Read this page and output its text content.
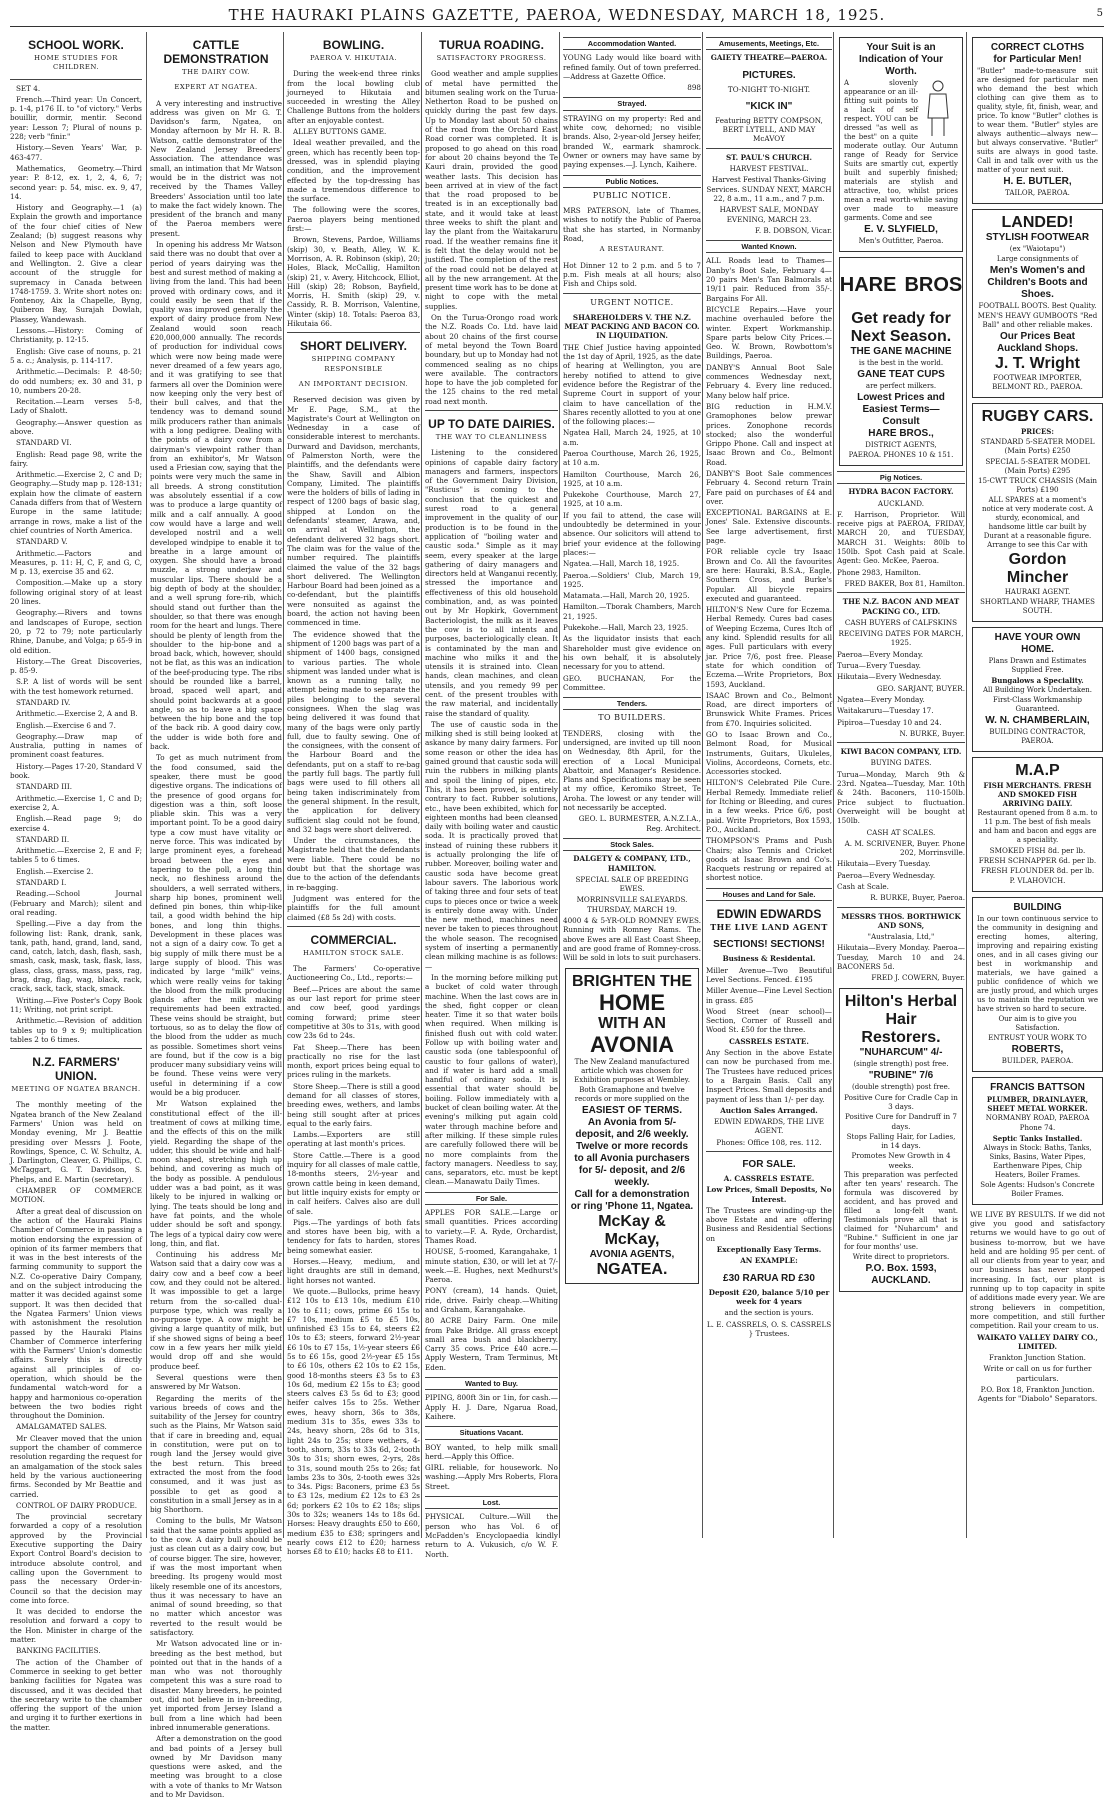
THE HAURAKI PLAINS GAZETTE, PAEROA, WEDNESDAY, MARCH 18, 1925.	5
SCHOOL WORK.
HOME STUDIES FOR CHILDREN.

SET 4.

French.—Third year: Un Concert, p. 1-4, p176 II. to "of victory." Verbs bouillir, dormir, mentir. Second year: Lesson 7; Plural of nouns p. 228; verb "finir."

History.—Seven Years' War, p. 463-477.

Mathematics, Geometry.—Third year: P. 8-12, ex. 1, 2, 4, 6, 7; second year: p. 54, misc. ex. 9, 47, 14.

History and Geography.—1 (a) Explain the growth and importance of the four chief cities of New Zealand; (b) suggest reasons why Nelson and New Plymouth have failed to keep pace with Auckland and Wellington. 2. Give a clear account of the struggle for supremacy in Canada between 1748-1759. 3. Write short notes on: Fontenoy, Aix la Chapelle, Byng, Quiberon Bay, Surajah Dowlah, Plassey, Wandewash.

Lessons.—History: Coming of Christianity, p. 12-15.

English: Give case of nouns, p. 21 5 a. c.; Analysis, p. 114-117.

Arithmetic.—Decimals: P. 48-50; do odd numbers; ex. 30 and 31, p 10, numbers 20-28.

Recitation.—Learn verses 5-8, Lady of Shalott.

Geography.—Answer question as above.

STANDARD VI.

English: Read page 98, write the fairy.

Arithmetic.—Exercise 2, C and D; Geography.—Study map p. 128-131; explain how the climate of eastern Canada differs from that of Western Europe in the same latitude; arrange in rows, make a list of the chief countries of North America.

STANDARD V.

Arithmetic.—Factors and Measures, p. 11: H, C, F, and G, C, M p. 13, exercise 35 and 62.

Composition.—Make up a story following original story of at least 20 lines.

Geography.—Rivers and towns and landscapes of Europe, section 20, p 72 to 79; note particularly Rhine, Danube, and Volga; p 65-9 in old edition.

History.—The Great Discoveries, p. 85-9.

S.P. A list of words will be sent with the test homework returned.

STANDARD IV.

Arithmetic.—Exercise 2, A and B.

English.—Exercise 6 and 7.

Geography.—Draw map of Australia, putting in names of prominent coast features.

History.—Pages 17-20, Standard V book.

STANDARD III.

Arithmetic.—Exercise 1, C and D; exercise 2, A.

English.—Read page 9; do exercise 4.

STANDARD II.

Arithmetic.—Exercise 2, E and F; tables 5 to 6 times.

English.—Exercise 2.

STANDARD I.

Reading.—School Journal (February and March); silent and oral reading.

Spelling.—Five a day from the following list: Rank, drank, sank, tank, path, hand, grand, land, sand, cand, catch, latch, dash, flash, sash, smash, cask, mask, task, flask, lass, glass, class, grass, mass, pass, rag, brag, drag, flag, wag, black, rack, crack, sack, tack, stack, smack.

Writing.—Five Poster's Copy Book 11; Writing, not print script.

Arithmetic.—Revision of addition tables up to 9 x 9; multiplication tables 2 to 6 times.

N.Z. FARMERS' UNION.
MEETING OF NGATEA BRANCH.

The monthly meeting of the Ngatea branch of the New Zealand Farmers' Union was held on Monday evening, Mr J. Beattie presiding over Messrs J. Foote, Rowlings, Spence, C. W. Schultz, A. J. Darlington, Cleaver, G. Phillips, C. McTaggart, G. T. Davidson, S. Phelps, and E. Martin (secretary).

CHAMBER OF COMMERCE MOTION.

After a great deal of discussion on the action of the Hauraki Plains Chamber of Commerce in passing a motion endorsing the expression of opinion of its farmer members that it was in the best interests of the farming community to support the N.Z. Co-operative Dairy Company, and on the subject introducing the matter it was decided against some support. It was then decided that the Ngatea Farmers' Union views with astonishment the resolution passed by the Hauraki Plains Chamber of Commerce interfering with the Farmers' Union's domestic affairs. Surely this is directly against all principles of co-operation, which should be the fundamental watch-word for a happy and harmonious co-operation between the two bodies right throughout the Dominion.

AMALGAMATED SALES.

Mr Cleaver moved that the union support the chamber of commerce resolution regarding the request for an amalgamation of the stock sales held by the various auctioneering firms. Seconded by Mr Beattie and carried.

CONTROL OF DAIRY PRODUCE.

The provincial secretary forwarded a copy of a resolution approved by the Provincial Executive supporting the Dairy Export Control Board's decision to introduce absolute control, and calling upon the Government to pass the necessary Order-in-Council so that the decision may come into force.

It was decided to endorse the resolution and forward a copy to the Hon. Minister in charge of the matter.

BANKING FACILITIES.

The action of the Chamber of Commerce in seeking to get better banking facilities for Ngatea was discussed, and it was decided that the secretary write to the chamber offering the support of the union and urging it to further exertions in the matter.

CATTLE DEMONSTRATION
THE DAIRY COW.
EXPERT AT NGATEA.

A very interesting and instructive address was given on Mr G. T. Davidson's farm, Ngatea, on Monday afternoon by Mr H. R. B. Watson, cattle demonstrator of the New Zealand Jersey Breeders' Association. The attendance was small, an intimation that Mr Watson would be in the district was not received by the Thames Valley Breeders' Association until too late to make the fact widely known. The president of the branch and many of the Paeroa members were present.

In opening his address Mr Watson said there was no doubt that over a period of years dairying was the best and surest method of making a living from the land. This had been proved with ordinary cows, and it could easily be seen that if the quality was improved generally the export of dairy produce from New Zealand would soon reach £20,000,000 annually. The records of production for individual cows which were now being made were never dreamed of a few years ago, and it was gratifying to see that farmers all over the Dominion were now keeping only the very best of their bull calves, and that the tendency was to demand sound milk producers rather than animals with a long pedigree. Dealing with the points of a dairy cow from a dairyman's viewpoint rather than from an exhibitor's, Mr Watson used a Friesian cow, saying that the points were very much the same in all breeds. A strong constitution was absolutely essential if a cow was to produce a large quantity of milk and a calf annually. A good cow would have a large and well developed nostril and a well developed windpipe to enable it to breathe in a large amount of oxygen. She should have a broad muzzle, a strong underjaw and muscular lips. There should be a big depth of body at the shoulder, and a well sprung fore-rib, which should stand out further than the shoulder, so that there was enough room for the heart and lungs. There should be plenty of length from the shoulder to the hip-bone and a broad back, which, however, should not be flat, as this was an indication of the beef-producing type. The ribs should be rounded like a barrel, broad, spaced well apart, and should point backwards at a good angle, so as to leave a big space between the hip bone and the top of the back rib. A good dairy cow, the udder is wide both fore and back.

To get as much nutriment from the food consumed, said the speaker, there must be good digestive organs. The indications of the presence of good organs for digestion was a thin, soft loose pliable skin. This was a very important point. To be a good dairy type a cow must have vitality or nerve force. This was indicated by large prominent eyes, a forehead broad between the eyes and tapering to the poll, a long thin neck, no fleshiness around the shoulders, a well serrated withers, sharp hip bones, prominent well defined pin bones, thin whip-like tail, a good width behind the hip bones, and long thin thighs. Development in these places was not a sign of a dairy cow. To get a big supply of milk there must be a large supply of blood. This was indicated by large "milk" veins, which were really veins for taking the blood from the milk producing glands after the milk making requirements had been extracted. These veins should be straight, but tortuous, so as to delay the flow of the blood from the udder as much as possible. Sometimes short veins are found, but if the cow is a big producer many subsidiary veins will be found. These veins were very useful in determining if a cow would be a big producer.

Mr Watson explained the constitutional effect of the ill-treatment of cows at milking time, and the effects of this on the milk yield. Regarding the shape of the udder, this should be wide and half-moon shaped, stretching high up behind, and covering as much of the body as possible. A pendulous udder was a bad point, as it was likely to be injured in walking or lying. The teats should be long and have fat points, and the whole udder should be soft and spongy. The legs of a typical dairy cow were long, thin, and flat.

Continuing his address Mr Watson said that a dairy cow was a dairy cow and a beef cow a beef cow, and they could not be altered. It was impossible to get a large return from the so-called dual-purpose type, which was really a no-purpose type. A cow might be giving a large quantity of milk, but if she showed signs of being a beef cow in a few years her milk yield would drop off and she would produce beef.

Several questions were then answered by Mr Watson.

Regarding the merits of the various breeds of cows and the suitability of the Jersey for country such as the Plains, Mr Watson said that if care in breeding and, equal in constitution, were put on to rough land the Jersey would give the best return. This breed extracted the most from the food consumed, and it was just as possible to get as good a constitution in a small Jersey as in a big Shorthorn.

Coming to the bulls, Mr Watson said that the same points applied as to the cow. A dairy bull should be just as clean cut as a dairy cow, but of course bigger. The sire, however, if was the most important when breeding. Its progeny would most likely resemble one of its ancestors, thus it was necessary to have an animal of sound breeding, so that no matter which ancestor was reverted to the result would be satisfactory.

Mr Watson advocated line or in-breeding as the best method, but pointed out that in the hands of a man who was not thoroughly competent this was a sure road to disaster. Many breeders, he pointed out, did not believe in in-breeding, yet imported from Jersey Island a bull from a line which had been inbred innumerable generations.

After a demonstration on the good and bad points of a Jersey bull owned by Mr Davidson many questions were asked, and the meeting was brought to a close with a vote of thanks to Mr Watson and to Mr Davidson.

BOWLING.
PAEROA V. HIKUTAIA.

During the week-end three rinks from the local bowling club journeyed to Hikutaia and succeeded in wresting the Alley Challenge Buttons from the holders after an enjoyable contest.

ALLEY BUTTONS GAME.

Ideal weather prevailed, and the green, which has recently been top-dressed, was in splendid playing condition, and the improvement effected by the top-dressing has made a tremendous difference to the surface.

The following were the scores, Paeroa players being mentioned first:—

Brown, Stevens, Pardoe, Williams (skip) 30, v. Beath, Alley, W. K. Morrison, A. R. Robinson (skip), 20; Holes, Black, McCallig, Hamilton (skip) 21, v. Avery, Hitchcock, Elliot, Hill (skip) 28; Robson, Bayfield, Morris, H. Smith (skip) 29, v. Cassidy, R. B. Morrison, Valentine, Winter (skip) 18. Totals: Paeroa 83, Hikutaia 66.

SHORT DELIVERY.
SHIPPING COMPANY RESPONSIBLE
AN IMPORTANT DECISION.

Reserved decision was given by Mr E. Page, S.M., at the Magistrate's Court at Wellington on Wednesday in a case of considerable interest to merchants. Durward and Davidson, merchants, of Palmerston North, were the plaintiffs, and the defendants were the Shaw, Savill and Albion Company, Limited. The plaintiffs were the holders of bills of lading in respect of 1200 bags of basic slag, shipped at London on the defendants' steamer, Arawa, and, on arrival at Wellington, the defendant delivered 32 bags short. The claim was for the value of the number required. The plaintiffs claimed the value of the 32 bags short delivered. The Wellington Harbour Board had been joined as a co-defendant, but the plaintiffs were nonsuited as against the board, the action not having been commenced in time.

The evidence showed that the shipment of 1200 bags was part of a shipment of 1400 bags, consigned to various parties. The whole shipment was landed under what is known as a running tally, no attempt being made to separate the piles belonging to the several consignees. When the slag was being delivered it was found that many of the bags were only partly full, due to faulty sewing. One of the consignees, with the consent of the Harbour Board and the defendants, put on a staff to re-bag the partly full bags. The partly full bags were used to fill others all being taken indiscriminately from the general shipment. In the result, the application for delivery sufficient slag could not be found, and 32 bags were short delivered.

Under the circumstances, the Magistrate held that the defendants were liable. There could be no doubt but that the shortage was due to the action of the defendants in re-bagging.

Judgment was entered for the plaintiffs for the full amount claimed (£8 5s 2d) with costs.

COMMERCIAL.
HAMILTON STOCK SALE.

The Farmers' Co-operative Auctioneering Co., Ltd., reports:—

Beef.—Prices are about the same as our last report for prime steer and cow beef, good yardings coming forward; prime steer competitive at 30s to 31s, with good cow 23s 6d to 24s.

Fat Sheep.—There has been practically no rise for the last month, export prices being equal to prices ruling in the markets.

Store Sheep.—There is still a good demand for all classes of stores, breeding ewes, wethers, and lambs being still sought after at prices equal to the early fairs.

Lambs.—Exporters are still operating at last month's prices.

Store Cattle.—There is a good inquiry for all classes of male cattle, 18-months steers, 2½-year and grown cattle being in keen demand, but little inquiry exists for empty or in calf heifers. Calves also are dull of sale.

Pigs.—The yardings of both fats and stores have been big, with a tendency for fats to harden, stores being somewhat easier.

Horses.—Heavy, medium, and light draughts are still in demand, light horses not wanted.

We quote.—Bullocks, prime heavy £12 10s to £13 10s, medium £10 10s to £11; cows, prime £6 15s to £7 10s, medium £5 to £5 10s, unfinished £3 15s to £4, steers £2 10s to £3; steers, forward 2½-year £6 10s to £7 15s, 1½-year steers £6 5s to £6 15s, good 2½-year £5 15s to £6 10s, others £2 10s to £2 15s, good 18-months steers £3 5s to £3 10s 6d, medium £2 15s to £3; good steers calves £3 5s 6d to £3; good heifer calves 15s to 25s. Wether ewes, heavy shorn, 36s to 38s, medium 31s to 35s, ewes 33s to 24s, heavy shorn, 28s 6d to 31s, light 24s to 25s; store wethers, 4-tooth, shorn, 33s to 33s 6d, 2-tooth 30s to 31s; shorn ewes, 2-yrs, 28s to 31s, sound mouth 25s to 26s; fat lambs 23s to 30s, 2-tooth ewes 32s to 34s. Pigs: Baconers, prime £3 5s to £3 12s, medium £2 12s to £3 2s 6d; porkers £2 10s to £2 18s; slips 30s to 32s; weaners 14s to 18s 6d. Horses: Heavy draughts £50 to £60, medium £35 to £38; springers and nearly cows £12 to £20; harness horses £8 to £10; hacks £8 to £11.

TURUA ROADING.
SATISFACTORY PROGRESS.

Good weather and ample supplies of metal have permitted the bitumen sealing work on the Turua-Netherton Road to be pushed on quickly during the past few days. Up to Monday last about 50 chains of the road from the Orchard East Road corner was completed. It is proposed to go ahead on this road for about 20 chains beyond the Te Kauri drain, provided the good weather lasts. This decision has been arrived at in view of the fact that the road proposed to be treated is in an exceptionally bad state, and it would take at least three weeks to shift the plant and lay the plant from the Waitakaruru road. If the weather remains fine it is felt that the delay would not be justified. The completion of the rest of the road could not be delayed at all by the new arrangement. At the present time work has to be done at night to cope with the metal supplies.

On the Turua-Orongo road work the N.Z. Roads Co. Ltd. have laid about 20 chains of the first course of metal beyond the Town Board boundary, but up to Monday had not commenced sealing as no chips were available. The contractors hope to have the job completed for the 125 chains to the red metal road next month.

UP TO DATE DAIRIES.
THE WAY TO CLEANLINESS

Listening to the considered opinions of capable dairy factory managers and farmers, inspectors of the Government Dairy Division, "Rusticus" is coming to the conclusion that the quickest and surest road to a general improvement in the quality of our production is to be found in the application of "boiling water and caustic soda." Simple as it may seem, every speaker at the large gathering of dairy managers and directors held at Wanganui recently, stressed the importance and effectiveness of this old household combination, and, as was pointed out by Mr Hopkirk, Government Bacteriologist, the milk as it leaves the cow is to all intents and purposes, bacteriologically clean. It is contaminated by the man and machine who milks it and the utensils it is strained into. Clean hands, clean machines, and clean utensils, and you remedy 99 per cent. of the present troubles with the raw material, and incidentally raise the standard of quality.

The use of caustic soda in the milking shed is still being looked at askance by many dairy farmers. For some reason or other the idea has gained ground that caustic soda will ruin the rubbers in milking plants and spoil the lining of pipes, etc. This, it has been proved, is entirely contrary to fact. Rubber solutions, etc., have been exhibited, which for eighteen months had been cleansed daily with boiling water and caustic soda. It is practically proved that instead of ruining these rubbers it is actually prolonging the life of rubber. Moreover, boiling water and caustic soda have become great labour savers. The laborious work of taking three and four sets of teat cups to pieces once or twice a week is entirely done away with. Under the new method, machines need never be taken to pieces throughout the whole season. The recognised system of inserting a permanently clean milking machine is as follows:—

In the morning before milking put a bucket of cold water through machine. When the last cows are in the shed, fight copper or clean heater. Time it so that water boils when required. When milking is finished flush out with cold water. Follow up with boiling water and caustic soda (one tablespoonful of caustic to four gallons of water), and if water is hard add a small handful of ordinary soda. It is essential that water should be boiling. Follow immediately with a bucket of clean boiling water. At the evening's milking put again cold water through machine before and after milking. If these simple rules are carefully followed there will be no more complaints from the factory managers. Needless to say, cans, separators, etc. must be kept clean.—Manawatu Daily Times.

For Sale.

APPLES FOR SALE.—Large or small quantities. Prices according to variety.—F. A. Ryde, Orchardist, Thames Road.

HOUSE, 5-roomed, Karangahake, 1 minute station, £30, or will let at 7/- week.—E. Hughes, next Medhurst's Paeroa.

PONY (cream), 14 hands. Quiet, ride, drive. Fairly cheap.—Whiting and Graham, Karangahake.

80 ACRE Dairy Farm. One mile from Pake Bridge. All grass except small area bush and blackberry. Carry 35 cows. Price £40 acre.—Apply Western, Tram Terminus, Mt Eden.

Wanted to Buy.

PIPING, 800ft 3in or 1in, for cash.—Apply H. J. Dare, Ngarua Road, Kaihere.

Situations Vacant.

BOY wanted, to help milk small herd.—Apply this Office.

GIRL reliable, for housework. No washing.—Apply Mrs Roberts, Flora Street.

Lost.

PHYSICAL Culture.—Will the person who has Vol. 6 of McFadden's Encyclopaedia kindly return to A. Vukusich, c/o W. F. North.

Accommodation Wanted.

YOUNG Lady would like board with refined family. Out of town preferred.—Address at Gazette Office.

898

Strayed.

STRAYING on my property: Red and white cow, dehorned; no visible brands. Also, 2-year-old Jersey heifer, branded W., earmark shamrock. Owner or owners may have same by paying expenses.—J. Lynch, Kaihere.

Public Notices.
PUBLIC NOTICE.

MRS PATERSON, late of Thames, wishes to notify the Public of Paeroa that she has started, in Normanby Road,

A RESTAURANT.

Hot Dinner 12 to 2 p.m. and 5 to 7 p.m. Fish meals at all hours; also Fish and Chips sold.

URGENT NOTICE.

SHAREHOLDERS V. THE N.Z. MEAT PACKING AND BACON CO. IN LIQUIDATION.

THE Chief Justice having appointed the 1st day of April, 1925, as the date of hearing at Wellington, you are hereby notified to attend to give evidence before the Registrar of the Supreme Court in support of your claim to have cancellation of the Shares recently allotted to you at one of the following places:—

Ngatea Hall, March 24, 1925, at 10 a.m.

Paeroa Courthouse, March 26, 1925, at 10 a.m.

Hamilton Courthouse, March 26, 1925, at 10 a.m.

Pukekohe Courthouse, March 27, 1925, at 10 a.m.

If you fail to attend, the case will undoubtedly be determined in your absence. Our solicitors will attend to brief your evidence at the following places:—

Ngatea.—Hall, March 18, 1925.

Paeroa.—Soldiers' Club, March 19, 1925.

Matamata.—Hall, March 20, 1925.

Hamilton.—Tborak Chambers, March 21, 1925.

Pukekohe.—Hall, March 23, 1925.

As the liquidator insists that each Shareholder must give evidence on his own behalf, it is absolutely necessary for you to attend.

GEO. BUCHANAN, For the Committee.

Tenders.
TO BUILDERS.

TENDERS, closing with the undersigned, are invited up till noon on Wednesday, 8th April, for the erection of a Local Municipal Abattoir, and Manager's Residence. Plans and Specifications may be seen at my office, Keromiko Street, Te Aroha. The lowest or any tender will not necessarily be accepted.

GEO. L. BURMESTER, A.N.Z.I.A., Reg. Architect.

Stock Sales.

DALGETY & COMPANY, LTD., HAMILTON.

SPECIAL SALE OF BREEDING EWES.

MORRINSVILLE SALEYARDS. THURSDAY, MARCH 19.

4000 4 & 5-YR-OLD ROMNEY EWES. Running with Romney Rams. The above Ewes are all East Coast Sheep, and are good frame of Romney-cross. Will be sold in lots to suit purchasers.

BRIGHTEN THE
HOME
WITH AN
AVONIA

The New Zealand manufactured article which was chosen for Exhibition purposes at Wembley.

Both Gramaphone and twelve records or more supplied on the

EASIEST OF TERMS.
An Avonia from 5/- deposit, and 2/6 weekly.
Twelve or more records to all Avonia purchasers for 5/- deposit, and 2/6 weekly.
Call for a demonstration or ring 'Phone 11, Ngatea.
McKay & McKay,
AVONIA AGENTS,
NGATEA.
Amusements, Meetings, Etc.

GAIETY THEATRE—PAEROA.

PICTURES.

TO-NIGHT TO-NIGHT.

"KICK IN"

Featuring BETTY COMPSON, BERT LYTELL, AND MAY McAVOY

ST. PAUL'S CHURCH.

HARVEST FESTIVAL.

Harvest Festival Thanks-Giving Services. SUNDAY NEXT, MARCH 22, 8 a.m., 11 a.m., and 7 p.m.

HARVEST SALE, MONDAY EVENING, MARCH 23.

F. B. DOBSON, Vicar.

Wanted Known.

ALL Roads lead to Thames—Danby's Boot Sale, February 4—20 pairs Men's Tan Balmorals at 19/11 pair. Reduced from 35/-. Bargains For All.

BICYCLE Repairs.—Have your machine overhauled before the winter. Expert Workmanship. Spare parts below City Prices.—Geo. W. Brown, Rowbottom's Buildings, Paeroa.

DANBY'S Annual Boot Sale commences Wednesday next, February 4. Every line reduced. Many below half price.

BIG reduction in H.M.V. Gramophones below prewar prices. Zonophone records stocked; also the wonderful Grippo Phone. Call and inspect at Isaac Brown and Co., Belmont Road.

DANBY'S Boot Sale commences February 4. Second return Train Fare paid on purchases of £4 and over.

EXCEPTIONAL BARGAINS at E. Jones' Sale. Extensive discounts. See large advertisement, first page.

FOR reliable cycle try Isaac Brown and Co. All the favourites are here: Hauraki, B.S.A., Eagle, Southern Cross, and Burke's Popular. All bicycle repairs executed and guaranteed.

HILTON'S New Cure for Eczema. Herbal Remedy. Cures bad cases of Weeping Eczema, Cures Itch of any kind. Splendid results for all ages. Full particulars with every jar. Price 7/6, post free. Please state for which condition of Eczema.—Write Proprietors, Box 1593, Auckland.

ISAAC Brown and Co., Belmont Road, are direct importers of Brunswick White Frames. Prices from £70. Inquiries solicited.

GO to Isaac Brown and Co., Belmont Road, for Musical Instruments, Guitars, Ukuleles, Violins, Accordeons, Cornets, etc. Accessories stocked.

HILTON'S Celebrated Pile Cure. Herbal Remedy. Immediate relief for Itching or Bleeding, and cures in a few weeks. Price 6/6, post paid. Write Proprietors, Box 1593, P.O., Auckland.

THOMPSON'S Prams and Push Chairs; also Tennis and Cricket goods at Isaac Brown and Co's. Racquets restrung or repaired at shortest notice.

Houses and Land for Sale.
EDWIN EDWARDS
THE LIVE LAND AGENT
SECTIONS! SECTIONS!

Business & Residental.

Miller Avenue—Two Beautiful Level Sections. Fenced. £195

Miller Avenue—Fine Level Section in grass. £85

Wood Street (near school)—Section, Corner of Russell and Wood St. £50 for the three.

CASSRELS ESTATE.

Any Section in the above Estate can now be purchased from me. The Trustees have reduced prices to a Bargain Basis. Call any Inspect Prices. Small deposits and payment of less than 1/- per day.

Auction Sales Arranged.

EDWIN EDWARDS, THE LIVE AGENT.

Phones: Office 108, res. 112.

FOR SALE.

A. CASSRELS ESTATE.

Low Prices, Small Deposits, No Interest.

The Trustees are winding-up the above Estate and are offering Business and Residential Sections on

Exceptionally Easy Terms.

AN EXAMPLE:

£30 RARUA RD £30

Deposit £20, balance 5/10 per week for 4 years

and the section is yours.

L. E. CASSRELS, O. S. CASSRELS } Trustees.

Your Suit is an Indication of Your Worth.

A slovenly appearance or an ill-fitting suit points to a lack of self respect. YOU can be dressed "as well as the best" on a quite moderate outlay. Our Autumn range of Ready for Service Suits are smartly cut, expertly built and superbly finished; materials are stylish and attractive, too, whilst prices mean a real worth-while saving over made to measure garments. Come and see

E. V. SLYFIELD,

Men's Outfitter, Paeroa.

HARE BROS
Get ready for Next Season.
THE GANE MACHINE

is the best in the world.

GANE TEAT CUPS

are perfect milkers.

Lowest Prices and Easiest Terms—Consult
HARE BROS.,

DISTRICT AGENTS,

PAEROA. PHONES 10 & 151.

Pig Notices.

HYDRA BACON FACTORY.

AUCKLAND.

F. Harrison, Proprietor. Will receive pigs at PAEROA, FRIDAY, MARCH 20, and TUESDAY, MARCH 31. Weights: 80lb to 150lb. Spot Cash paid at Scale. Agent: Geo. McKee, Paeroa.

Phone 2983, Hamilton.

FRED BAKER, Box 81, Hamilton.

THE N.Z. BACON AND MEAT PACKING CO., LTD.

CASH BUYERS of CALFSKINS

RECEIVING DATES FOR MARCH, 1925.

Paeroa—Every Monday.

Turua—Every Tuesday.

Hikutaia—Every Wednesday.

GEO. SARJANT, BUYER.

Ngatea—Every Monday.

Waitakaruru—Tuesday 17.

Pipiroa—Tuesday 10 and 24.

N. BURKE, Buyer.

KIWI BACON COMPANY, LTD.

BUYING DATES.

Turua—Monday, March 9th & 23rd. Ngatea—Tuesday, Mar. 10th & 24th. Baconers, 110-150lb. Price subject to fluctuation. Overweight will be bought at 150lb.

CASH AT SCALES.

A. M. SCRIVENER, Buyer. Phone 202, Morrinsville.

Hikutaia—Every Tuesday.

Paeroa—Every Wednesday.

Cash at Scale.

R. BURKE, Buyer, Paeroa.

MESSRS THOS. BORTHWICK AND SONS,

"Australasia, Ltd,"

Hikutaia—Every Monday. Paeroa—Tuesday, March 10 and 24. BACONERS 5d.

FRED J. COWERN, Buyer.

Hilton's Herbal Hair Restorers.
"NUHARCUM" 4/-

(single strength) post free.

"RUBINE" 7/6

(double strength) post free.

Positive Cure for Cradle Cap in 3 days.

Positive Cure for Dandruff in 7 days.

Stops Falling Hair, for Ladies, in 14 days.

Promotes New Growth in 4 weeks.

This preparation was perfected after ten years' research. The formula was discovered by accident, and has proved and filled a long-felt want. Testimonials prove all that is claimed for "Nuharcum" and "Rubine." Sufficient in one jar for four months' use.

Write direct to proprietors.

P.O. Box. 1593,
AUCKLAND.
CORRECT CLOTHS
for Particular Men!

"Butler" made-to-measure suit are designed for particular men who demand the best which clothing can give them as to quality, style, fit, finish, wear, and price. To know "Butler" clothes is to wear them. "Butler" styles are always authentic—always new—but always conservative. "Butler" suits are always in good taste. Call in and talk over with us the matter of your next suit.

H. E. BUTLER,

TAILOR, PAEROA.

LANDED!
STYLISH FOOTWEAR

(ex "Waiotapu")

Large consignments of

Men's Women's and Children's Boots and Shoes.

FOOTBALL BOOTS. Best Quality.

MEN'S HEAVY GUMBOOTS "Red Ball" and other reliable makes.

Our Prices Beat Auckland Shops.
J. T. Wright

FOOTWEAR IMPORTER, BELMONT RD., PAEROA.

RUGBY CARS.

PRICES:

STANDARD 5-SEATER MODEL (Main Ports) £250

SPECIAL 5-SEATER MODEL (Main Ports) £295

15-CWT TRUCK CHASSIS (Main Ports) £190

ALL SPARES at a moment's notice at very moderate cost. A sturdy, economical, and handsome little car built by Durant at a reasonable figure. Arrange to see this Car with

Gordon Mincher

HAURAKI AGENT.

SHORTLAND WHARF, THAMES SOUTH.

HAVE YOUR OWN HOME.

Plans Drawn and Estimates Supplied Free.

Bungalows a Speciality.

All Building Work Undertaken.

First-Class Workmanship Guaranteed.

W. N. CHAMBERLAIN,

BUILDING CONTRACTOR, PAEROA.

M.A.P

FISH MERCHANTS. FRESH AND SMOKED FISH ARRIVING DAILY.

Restaurant opened from 8 a.m. to 11 p.m. The best of fish meals and ham and bacon and eggs are a speciality.

SMOKED FISH 8d. per lb.

FRESH SCHNAPPER 6d. per lb.

FRESH FLOUNDER 8d. per lb.

P. VLAHOVICH.

BUILDING

In our town continuous service to the community in designing and erecting homes, altering, improving and repairing existing ones, and in all cases giving our best in workmanship and materials, we have gained a public confidence of which we are justly proud, and which urges us to maintain the reputation we have striven so hard to secure.

Our aim is to give you Satisfaction.

ENTRUST YOUR WORK TO

ROBERTS,

BUILDER, PAEROA.

FRANCIS BATTSON

PLUMBER, DRAINLAYER, SHEET METAL WORKER.

NORMANBY ROAD, PAEROA

Phone 74.

Septic Tanks Installed.

Always in Stock: Baths, Tanks, Sinks, Basins, Water Pipes, Earthenware Pipes, Chip Heaters, Boiler Frames.

Sole Agents: Hudson's Concrete Boiler Frames.

WE LIVE BY RESULTS. If we did not give you good and satisfactory returns we would have to go out of business to-morrow, but we have held and are holding 95 per cent. of all our clients from year to year, and our business has never stopped increasing. In fact, our plant is running up to top capacity in spite of additions made every year. We are strong believers in competition, more competition, and still further competition. Rail your cream to us.

WAIKATO VALLEY DAIRY CO., LIMITED.

Frankton Junction Station.

Write or call on us for further particulars.

P.O. Box 18, Frankton Junction. Agents for "Diabolo" Separators.
